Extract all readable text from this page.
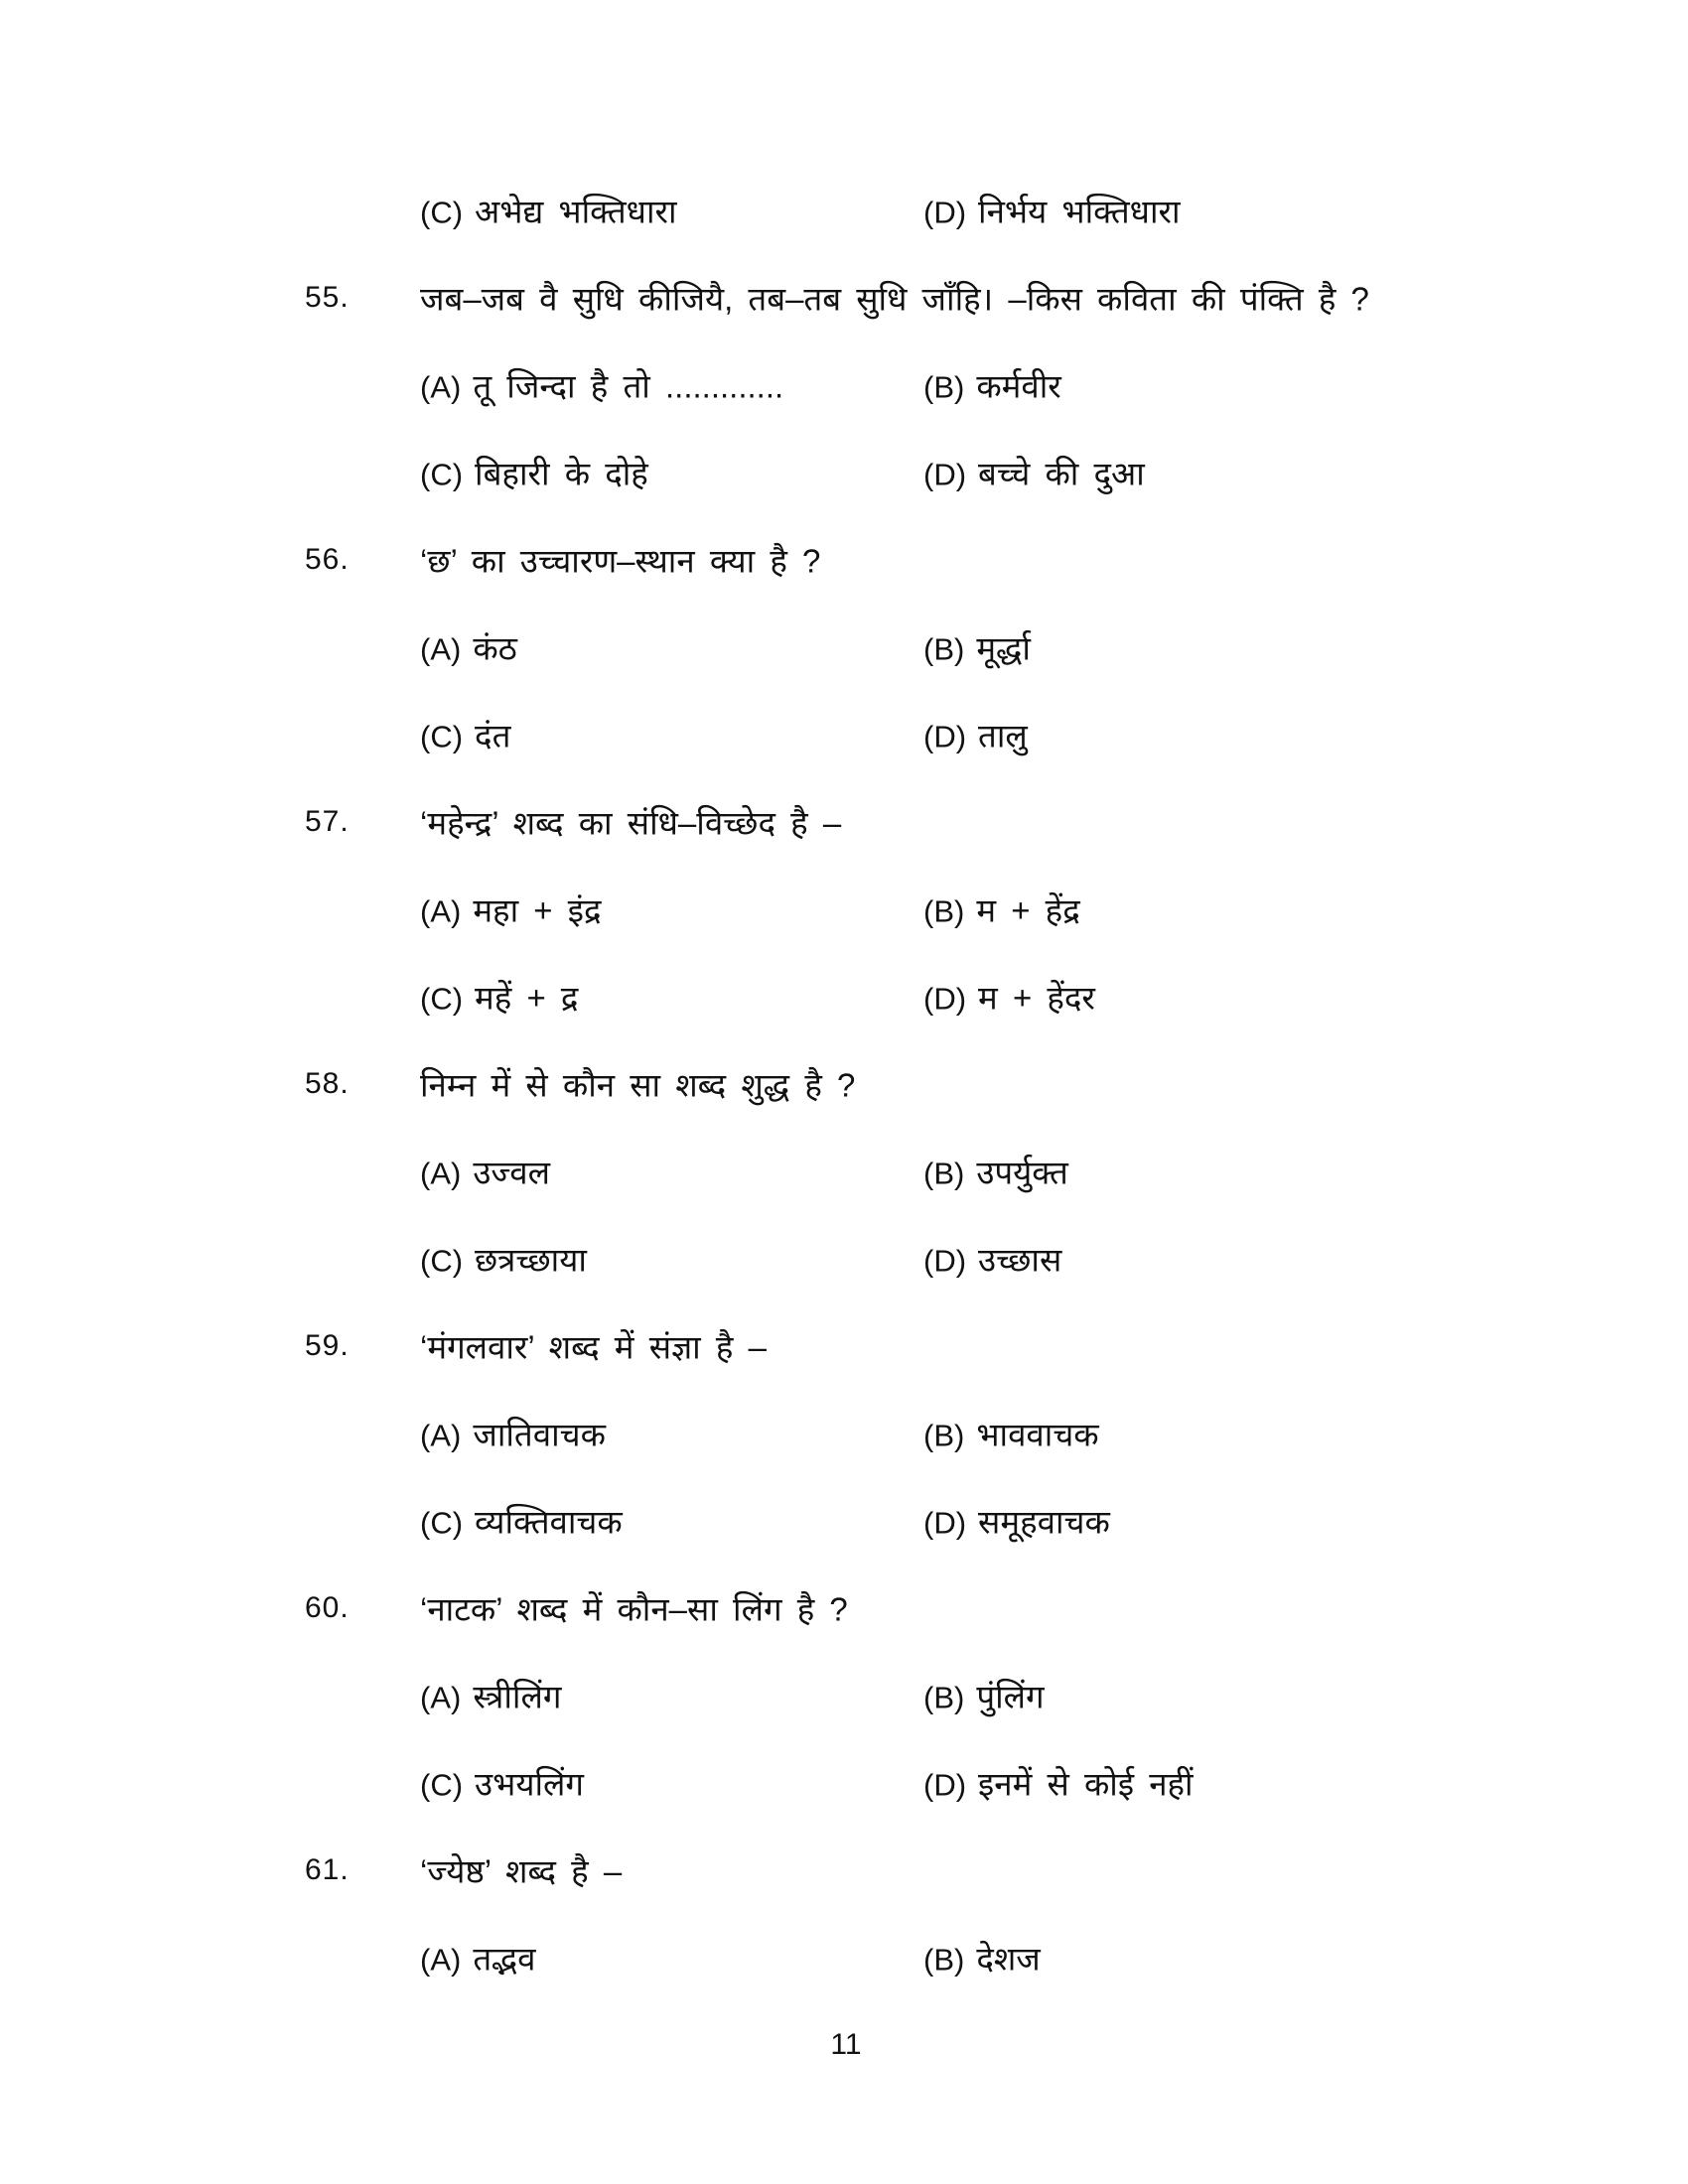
(C) अभेद्य भक्तिधारा	(D) निर्भय भक्तिधारा
55. जब–जब वै सुधि कीजियै, तब–तब सुधि जाँहि। –किस कविता की पंक्ति है ?
(A) तू जिन्दा है तो .............	(B) कर्मवीर
(C) बिहारी के दोहे	(D) बच्चे की दुआ
56. ‘छ’ का उच्चारण–स्थान क्या है ?
(A) कंठ	(B) मूर्द्धा
(C) दंत	(D) तालु
57. ‘महेन्द्र’ शब्द का संधि–विच्छेद है –
(A) महा + इंद्र	(B) म + हेंद्र
(C) महें + द्र	(D) म + हेंदर
58. निम्न में से कौन सा शब्द शुद्ध है ?
(A) उज्वल	(B) उपर्युक्त
(C) छत्रच्छाया	(D) उच्छास
59. ‘मंगलवार’ शब्द में संज्ञा है –
(A) जातिवाचक	(B) भाववाचक
(C) व्यक्तिवाचक	(D) समूहवाचक
60. ‘नाटक’ शब्द में कौन–सा लिंग है ?
(A) स्त्रीलिंग	(B) पुंलिंग
(C) उभयलिंग	(D) इनमें से कोई नहीं
61. ‘ज्येष्ठ’ शब्द है –
(A) तद्भव	(B) देशज
11
